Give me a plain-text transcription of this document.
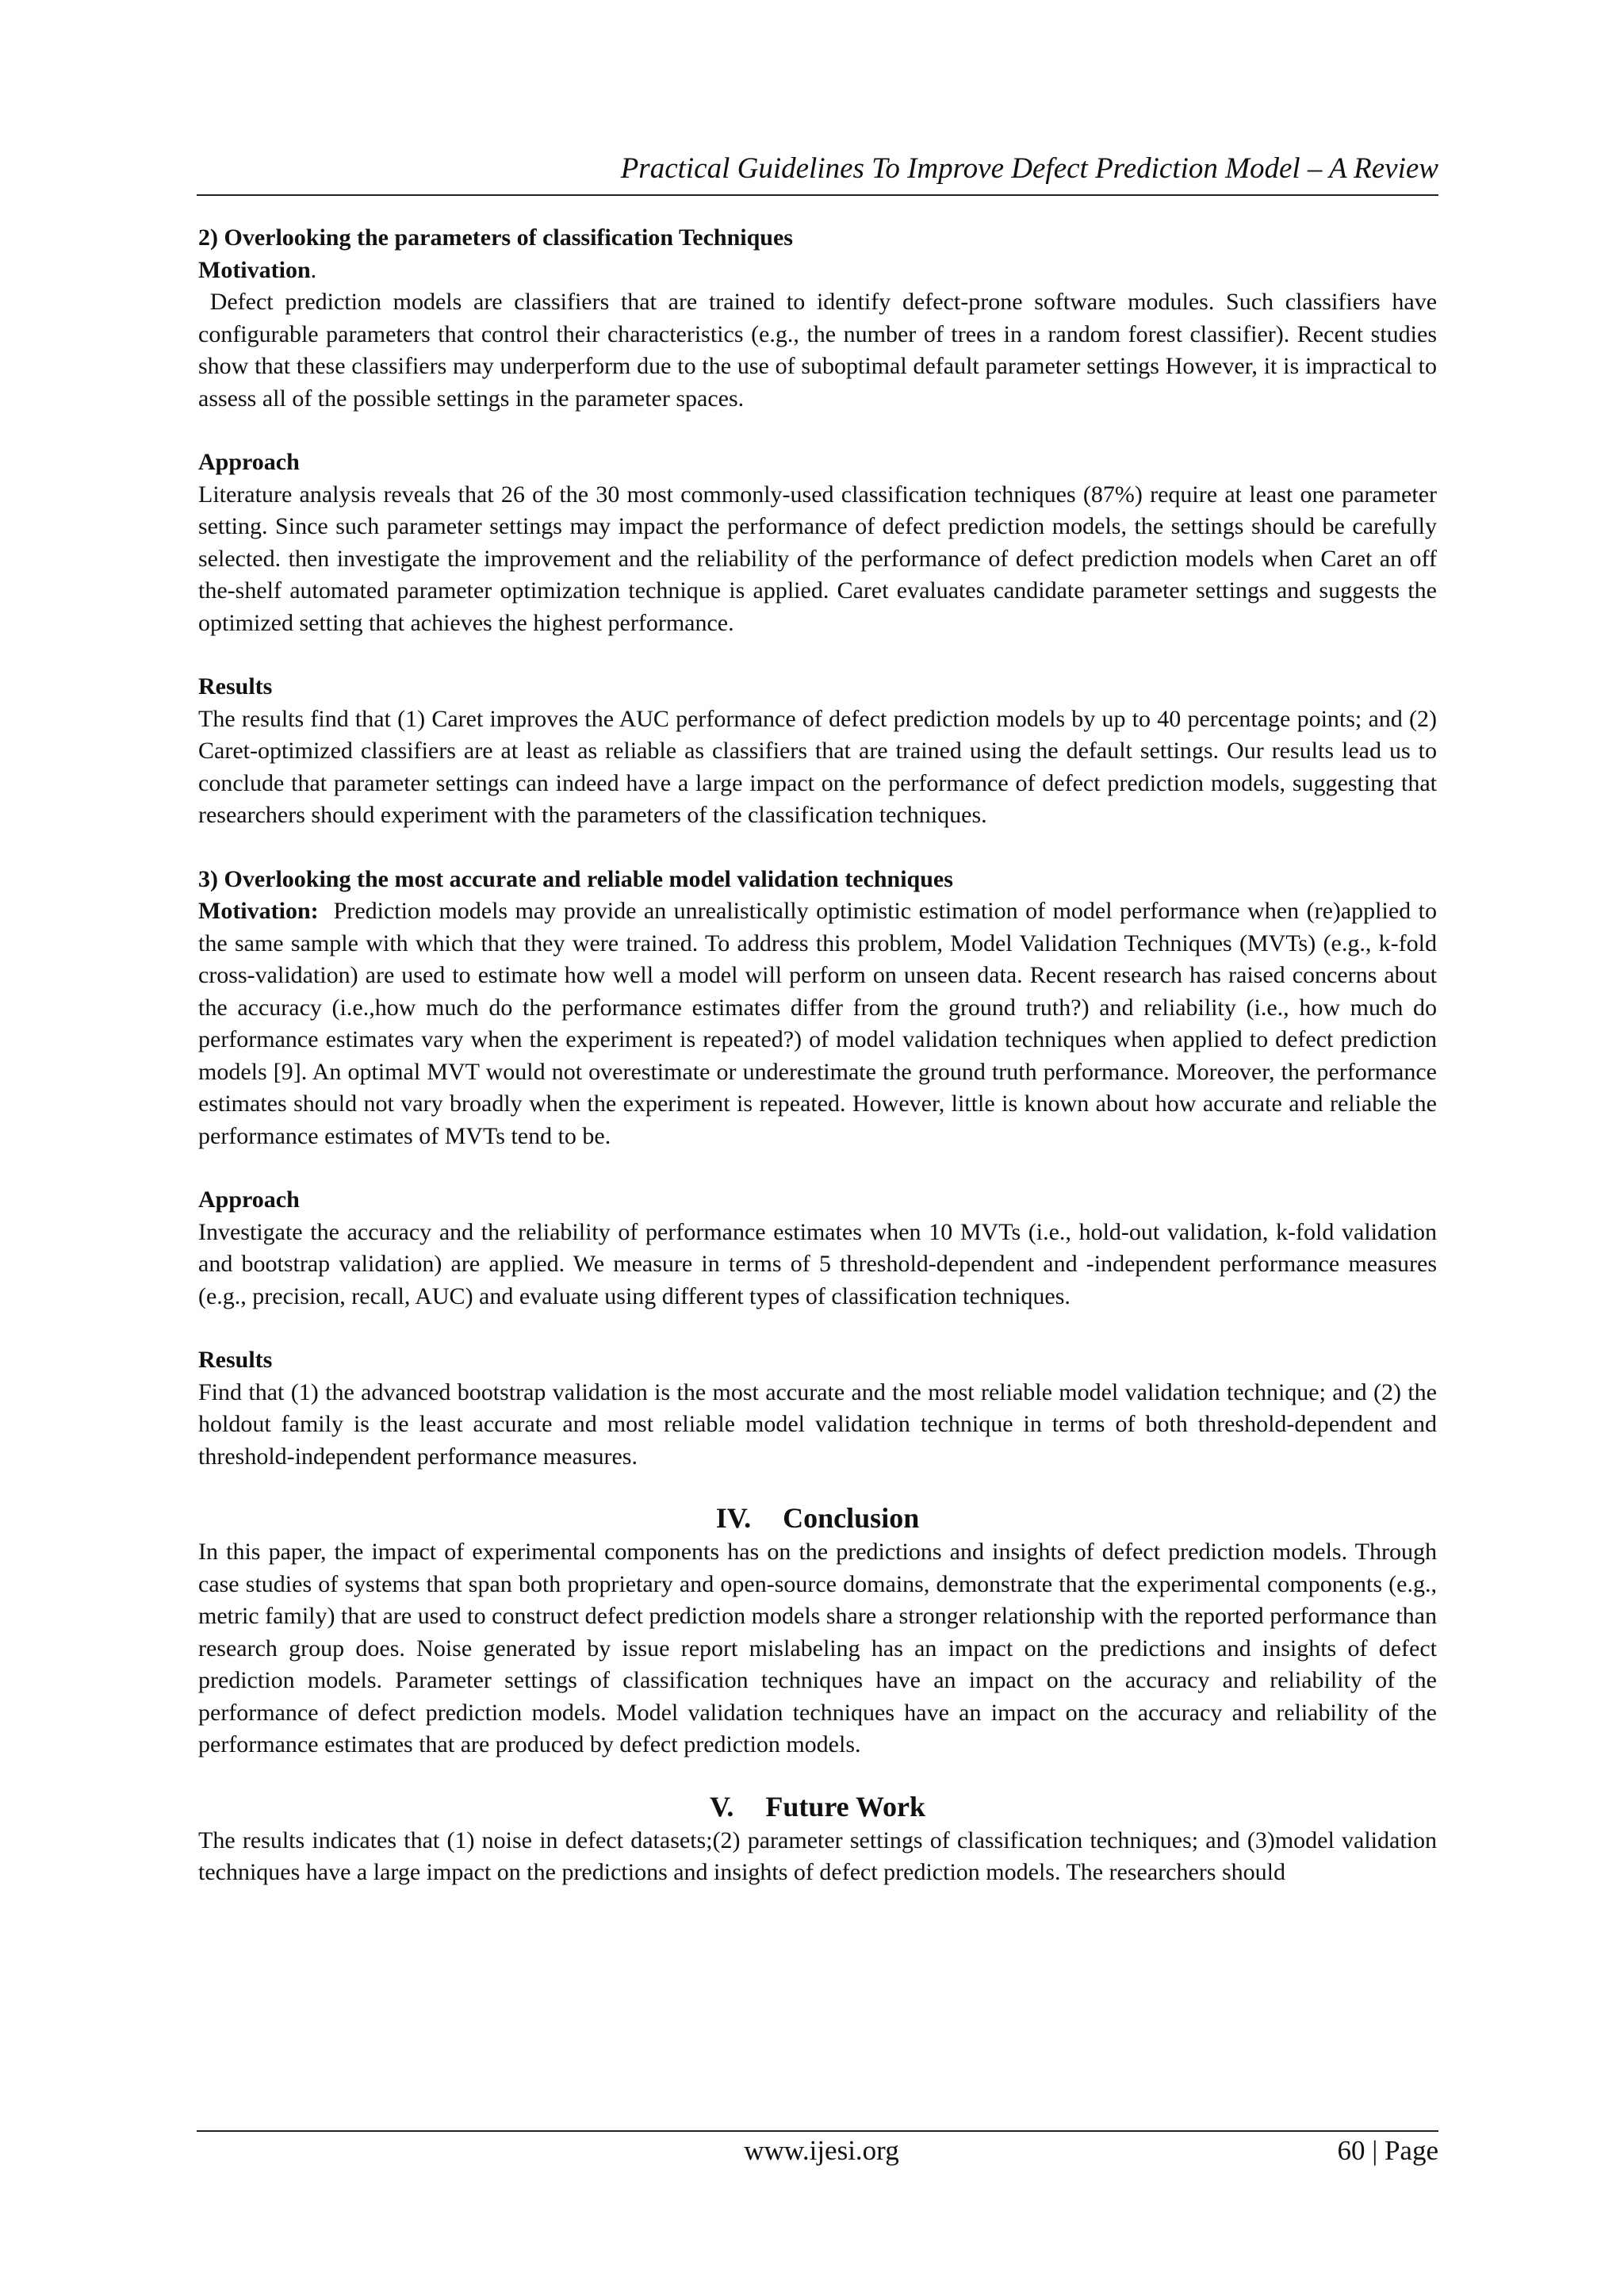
Practical Guidelines To Improve Defect Prediction Model – A Review

2) Overlooking the parameters of classification Techniques

Motivation.

Defect prediction models are classifiers that are trained to identify defect-prone software modules. Such classifiers have configurable parameters that control their characteristics (e.g., the number of trees in a random forest classifier). Recent studies show that these classifiers may underperform due to the use of suboptimal default parameter settings However, it is impractical to assess all of the possible settings in the parameter spaces.

Approach

Literature analysis reveals that 26 of the 30 most commonly-used classification techniques (87%) require at least one parameter setting. Since such parameter settings may impact the performance of defect prediction models, the settings should be carefully selected. then investigate the improvement and the reliability of the performance of defect prediction models when Caret an off the-shelf automated parameter optimization technique is applied. Caret evaluates candidate parameter settings and suggests the optimized setting that achieves the highest performance.

Results

The results find that (1) Caret improves the AUC performance of defect prediction models by up to 40 percentage points; and (2) Caret-optimized classifiers are at least as reliable as classifiers that are trained using the default settings. Our results lead us to conclude that parameter settings can indeed have a large impact on the performance of defect prediction models, suggesting that researchers should experiment with the parameters of the classification techniques.

3) Overlooking the most accurate and reliable model validation techniques

Motivation: Prediction models may provide an unrealistically optimistic estimation of model performance when (re)applied to the same sample with which that they were trained. To address this problem, Model Validation Techniques (MVTs) (e.g., k-fold cross-validation) are used to estimate how well a model will perform on unseen data. Recent research has raised concerns about the accuracy (i.e.,how much do the performance estimates differ from the ground truth?) and reliability (i.e., how much do performance estimates vary when the experiment is repeated?) of model validation techniques when applied to defect prediction models [9]. An optimal MVT would not overestimate or underestimate the ground truth performance. Moreover, the performance estimates should not vary broadly when the experiment is repeated. However, little is known about how accurate and reliable the performance estimates of MVTs tend to be.

Approach

Investigate the accuracy and the reliability of performance estimates when 10 MVTs (i.e., hold-out validation, k-fold validation and bootstrap validation) are applied. We measure in terms of 5 threshold-dependent and -independent performance measures (e.g., precision, recall, AUC) and evaluate using different types of classification techniques.

Results

Find that (1) the advanced bootstrap validation is the most accurate and the most reliable model validation technique; and (2) the holdout family is the least accurate and most reliable model validation technique in terms of both threshold-dependent and threshold-independent performance measures.

IV. Conclusion

In this paper, the impact of experimental components has on the predictions and insights of defect prediction models. Through case studies of systems that span both proprietary and open-source domains, demonstrate that the experimental components (e.g., metric family) that are used to construct defect prediction models share a stronger relationship with the reported performance than research group does. Noise generated by issue report mislabeling has an impact on the predictions and insights of defect prediction models. Parameter settings of classification techniques have an impact on the accuracy and reliability of the performance of defect prediction models. Model validation techniques have an impact on the accuracy and reliability of the performance estimates that are produced by defect prediction models.

V. Future Work

The results indicates that (1) noise in defect datasets;(2) parameter settings of classification techniques; and (3)model validation techniques have a large impact on the predictions and insights of defect prediction models. The researchers should

www.ijesi.org	60 | Page
